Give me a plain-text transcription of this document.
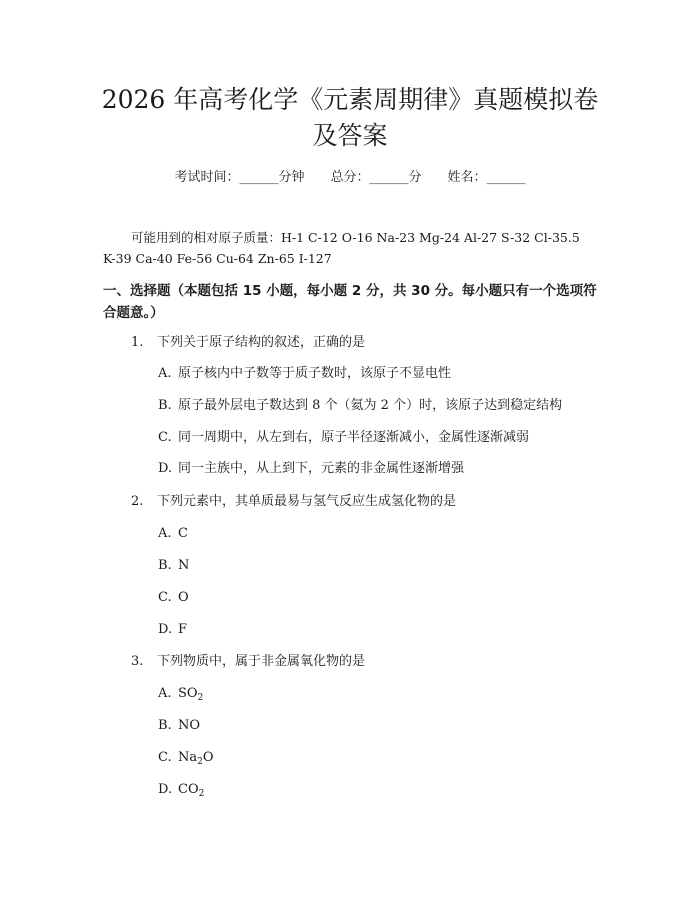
2026 年高考化学《元素周期律》真题模拟卷
及答案
考试时间：______分钟 总分：______分 姓名：______
可能用到的相对原子质量：H-1 C-12 O-16 Na-23 Mg-24 Al-27 S-32 Cl-35.5
K-39 Ca-40 Fe-56 Cu-64 Zn-65 I-127
一、选择题（本题包括 15 小题，每小题 2 分，共 30 分。每小题只有一个选项符
合题意。）
1. 下列关于原子结构的叙述，正确的是
A. 原子核内中子数等于质子数时，该原子不显电性
B. 原子最外层电子数达到 8 个（氦为 2 个）时，该原子达到稳定结构
C. 同一周期中，从左到右，原子半径逐渐减小，金属性逐渐减弱
D. 同一主族中，从上到下，元素的非金属性逐渐增强
2. 下列元素中，其单质最易与氢气反应生成氢化物的是
A. C
B. N
C. O
D. F
3. 下列物质中，属于非金属氧化物的是
A. $SO_2$
B. NO
C. $Na_2O$
D. $CO_2$
